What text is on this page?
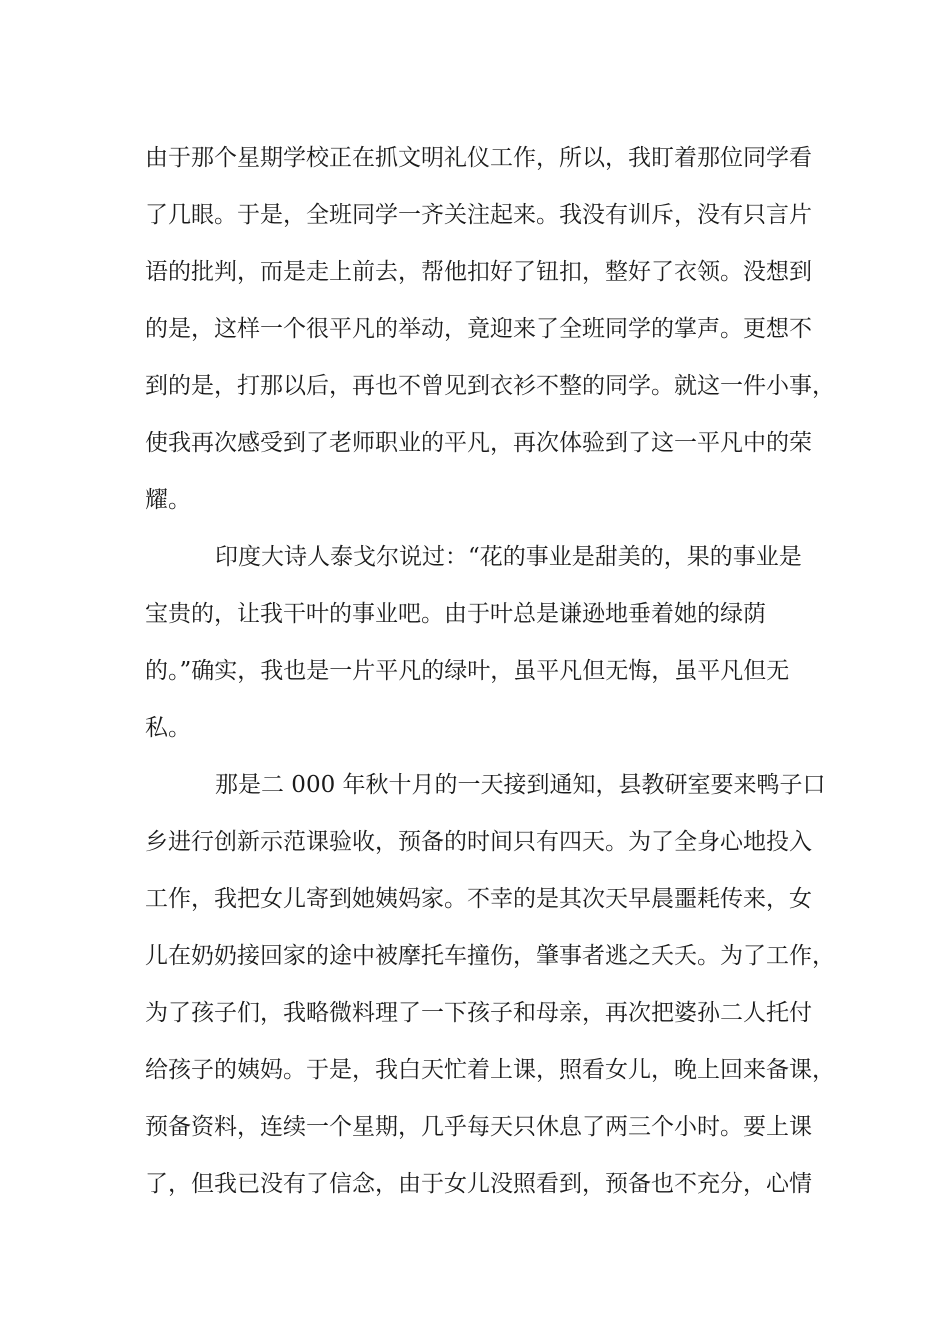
由于那个星期学校正在抓文明礼仪工作，所以，我盯着那位同学看
了几眼。于是，全班同学一齐关注起来。我没有训斥，没有只言片
语的批判，而是走上前去，帮他扣好了钮扣，整好了衣领。没想到
的是，这样一个很平凡的举动，竟迎来了全班同学的掌声。更想不
到的是，打那以后，再也不曾见到衣衫不整的同学。就这一件小事，
使我再次感受到了老师职业的平凡，再次体验到了这一平凡中的荣
耀。
印度大诗人泰戈尔说过：“花的事业是甜美的，果的事业是
宝贵的，让我干叶的事业吧。由于叶总是谦逊地垂着她的绿荫
的。”确实，我也是一片平凡的绿叶，虽平凡但无悔，虽平凡但无
私。
那是二 000 年秋十月的一天接到通知，县教研室要来鸭子口
乡进行创新示范课验收，预备的时间只有四天。为了全身心地投入
工作，我把女儿寄到她姨妈家。不幸的是其次天早晨噩耗传来，女
儿在奶奶接回家的途中被摩托车撞伤，肇事者逃之夭夭。为了工作，
为了孩子们，我略微料理了一下孩子和母亲，再次把婆孙二人托付
给孩子的姨妈。于是，我白天忙着上课，照看女儿，晚上回来备课，
预备资料，连续一个星期，几乎每天只休息了两三个小时。要上课
了，但我已没有了信念，由于女儿没照看到，预备也不充分，心情
